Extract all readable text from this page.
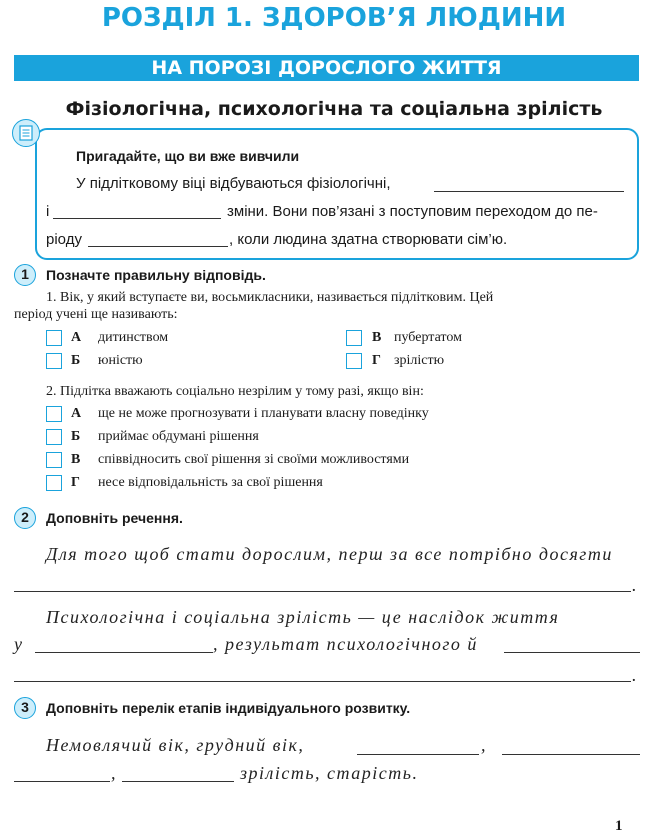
РОЗДІЛ 1. ЗДОРОВ’Я ЛЮДИНИ
НА ПОРОЗІ ДОРОСЛОГО ЖИТТЯ
Фізіологічна, психологічна та соціальна зрілість
Пригадайте, що ви вже вивчили
У підлітковому віці відбуваються фізіологічні,
і	зміни. Вони пов’язані з поступовим переходом до пе-
ріоду	, коли людина здатна створювати сім’ю.
1	Позначте правильну відповідь.
1. Вік, у який вступаєте ви, восьмикласники, називається підлітковим. Цей
період учені ще називають:
А дитинством
Б юністю
В пубертатом
Г зрілістю
2. Підлітка вважають соціально незрілим у тому разі, якщо він:
А ще не може прогнозувати і планувати власну поведінку
Б приймає обдумані рішення
В співвідносить свої рішення зі своїми можливостями
Г несе відповідальність за свої рішення
2	Доповніть речення.
Для того щоб стати дорослим, перш за все потрібно досягти
.
Психологічна і соціальна зрілість — це наслідок життя
у	, результат психологічного й
.
3	Доповніть перелік етапів індивідуального розвитку.
Немовлячий вік, грудний вік,	,
,	зрілість, старість.
1
